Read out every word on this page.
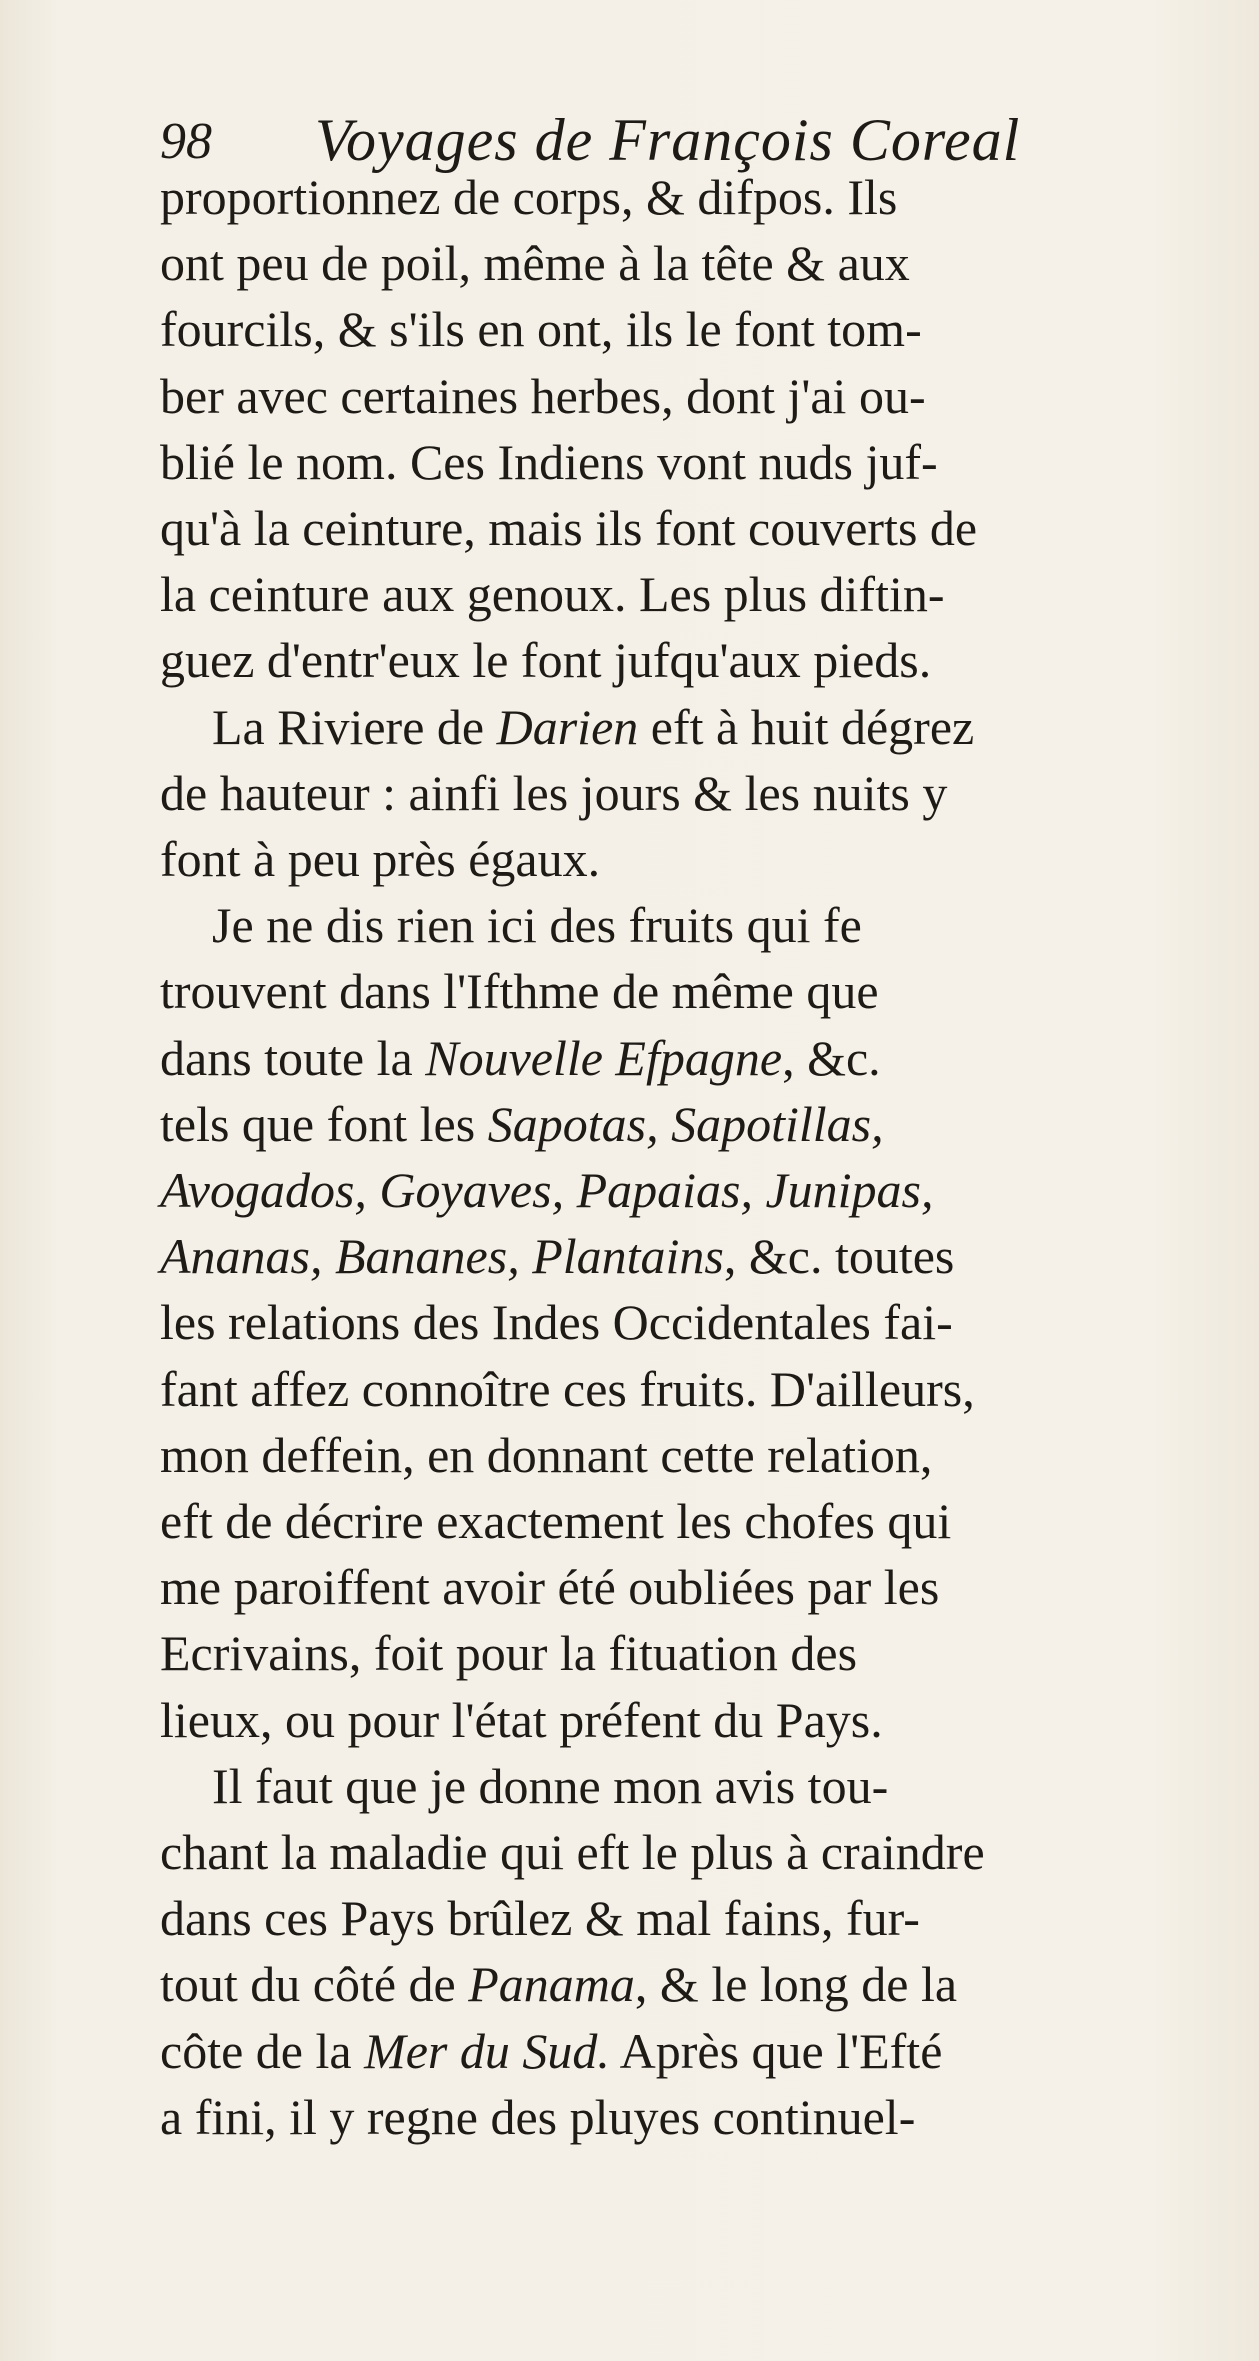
98 Voyages de François Coreal
proportionnez de corps, & difpos. Ils
ont peu de poil, même à la tête & aux
fourcils, & s'ils en ont, ils le font tom-
ber avec certaines herbes, dont j'ai ou-
blié le nom. Ces Indiens vont nuds juf-
qu'à la ceinture, mais ils font couverts de
la ceinture aux genoux. Les plus diftin-
guez d'entr'eux le font jufqu'aux pieds.
La Riviere de Darien eft à huit dégrez
de hauteur : ainfi les jours & les nuits y
font à peu près égaux.
Je ne dis rien ici des fruits qui fe
trouvent dans l'Ifthme de même que
dans toute la Nouvelle Efpagne, &c.
tels que font les Sapotas, Sapotillas,
Avogados, Goyaves, Papaias, Junipas,
Ananas, Bananes, Plantains, &c. toutes
les relations des Indes Occidentales fai-
fant affez connoître ces fruits. D'ailleurs,
mon deffein, en donnant cette relation,
eft de décrire exactement les chofes qui
me paroiffent avoir été oubliées par les
Ecrivains, foit pour la fituation des
lieux, ou pour l'état préfent du Pays.
Il faut que je donne mon avis tou-
chant la maladie qui eft le plus à craindre
dans ces Pays brûlez & mal fains, fur-
tout du côté de Panama, & le long de la
côte de la Mer du Sud. Après que l'Efté
a fini, il y regne des pluyes continuel-
